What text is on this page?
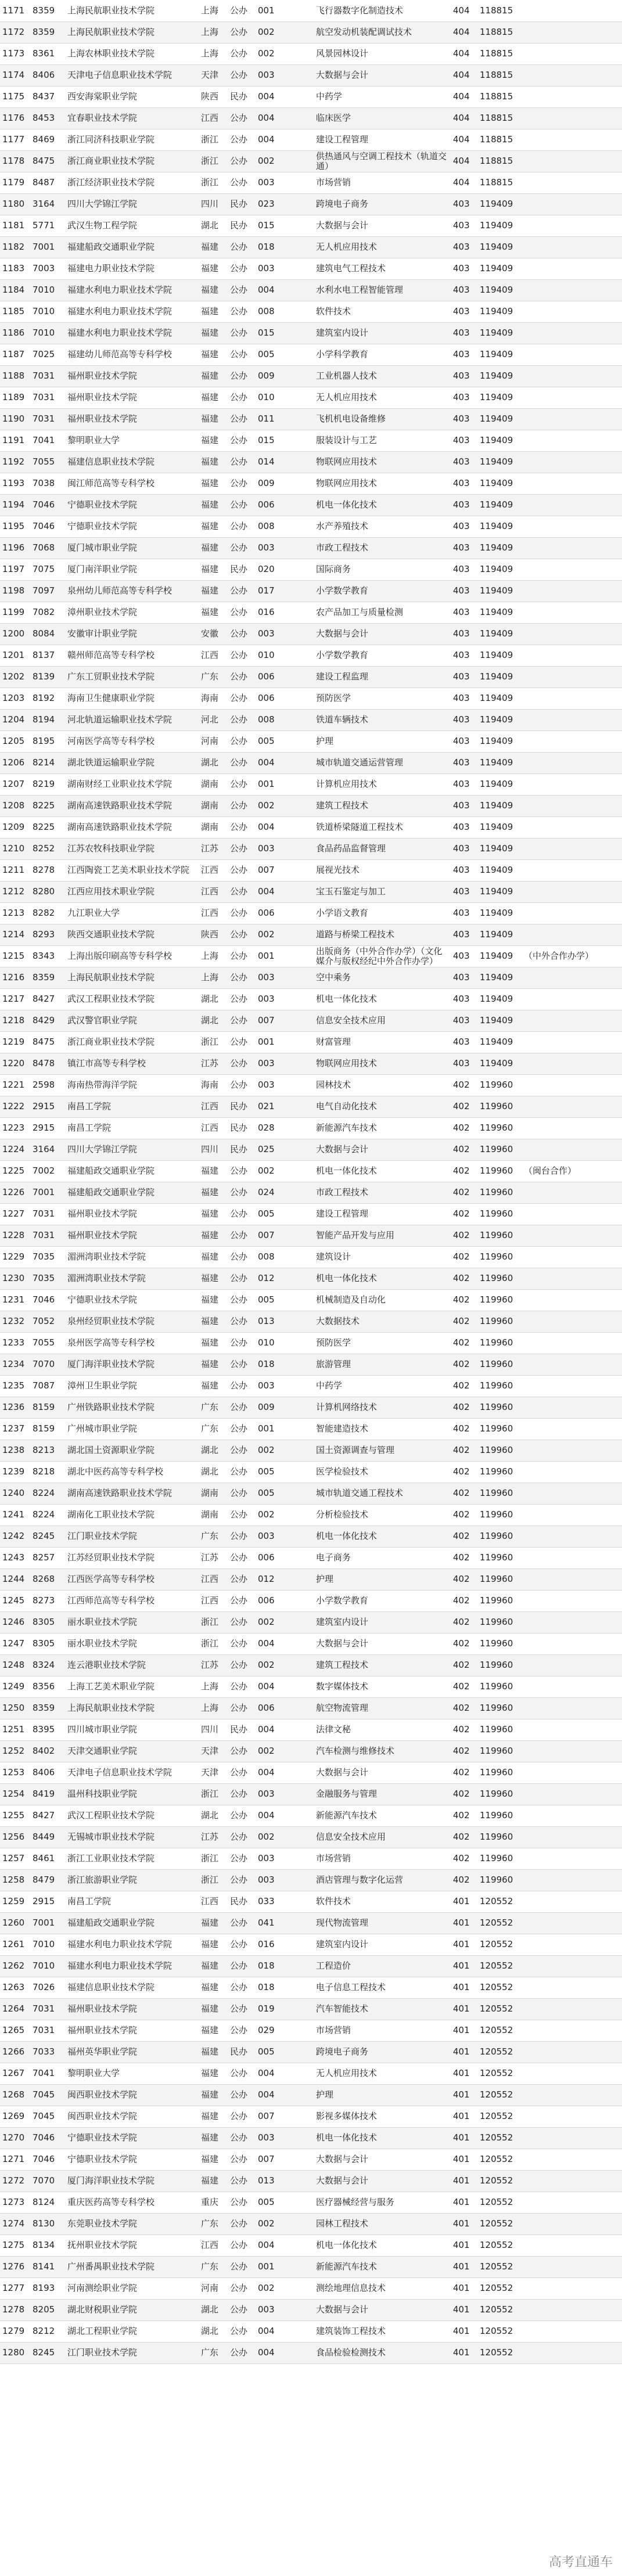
1171	8359	上海民航职业技术学院	上海	公办	001	飞行器数字化制造技术	404	118815	
1172	8359	上海民航职业技术学院	上海	公办	002	航空发动机装配调试技术	404	118815	
1173	8361	上海农林职业技术学院	上海	公办	002	风景园林设计	404	118815	
1174	8406	天津电子信息职业技术学院	天津	公办	003	大数据与会计	404	118815	
1175	8437	西安海棠职业学院	陕西	民办	004	中药学	404	118815	
1176	8453	宜春职业技术学院	江西	公办	004	临床医学	404	118815	
1177	8469	浙江同济科技职业学院	浙江	公办	004	建设工程管理	404	118815	
1178	8475	浙江商业职业技术学院	浙江	公办	002	供热通风与空调工程技术（轨道交通）	404	118815	
1179	8487	浙江经济职业技术学院	浙江	公办	003	市场营销	404	118815	
1180	3164	四川大学锦江学院	四川	民办	023	跨境电子商务	403	119409	
1181	5771	武汉生物工程学院	湖北	民办	015	大数据与会计	403	119409	
1182	7001	福建船政交通职业学院	福建	公办	018	无人机应用技术	403	119409	
1183	7003	福建电力职业技术学院	福建	公办	003	建筑电气工程技术	403	119409	
1184	7010	福建水利电力职业技术学院	福建	公办	004	水利水电工程智能管理	403	119409	
1185	7010	福建水利电力职业技术学院	福建	公办	008	软件技术	403	119409	
1186	7010	福建水利电力职业技术学院	福建	公办	015	建筑室内设计	403	119409	
1187	7025	福建幼儿师范高等专科学校	福建	公办	005	小学科学教育	403	119409	
1188	7031	福州职业技术学院	福建	公办	009	工业机器人技术	403	119409	
1189	7031	福州职业技术学院	福建	公办	010	无人机应用技术	403	119409	
1190	7031	福州职业技术学院	福建	公办	011	飞机机电设备维修	403	119409	
1191	7041	黎明职业大学	福建	公办	015	服装设计与工艺	403	119409	
1192	7055	福建信息职业技术学院	福建	公办	014	物联网应用技术	403	119409	
1193	7038	闽江师范高等专科学校	福建	公办	009	物联网应用技术	403	119409	
1194	7046	宁德职业技术学院	福建	公办	006	机电一体化技术	403	119409	
1195	7046	宁德职业技术学院	福建	公办	008	水产养殖技术	403	119409	
1196	7068	厦门城市职业学院	福建	公办	003	市政工程技术	403	119409	
1197	7075	厦门南洋职业学院	福建	民办	020	国际商务	403	119409	
1198	7097	泉州幼儿师范高等专科学校	福建	公办	017	小学数学教育	403	119409	
1199	7082	漳州职业技术学院	福建	公办	016	农产品加工与质量检测	403	119409	
1200	8084	安徽审计职业学院	安徽	公办	003	大数据与会计	403	119409	
1201	8137	赣州师范高等专科学校	江西	公办	010	小学数学教育	403	119409	
1202	8139	广东工贸职业技术学院	广东	公办	006	建设工程监理	403	119409	
1203	8192	海南卫生健康职业学院	海南	公办	006	预防医学	403	119409	
1204	8194	河北轨道运输职业技术学院	河北	公办	008	铁道车辆技术	403	119409	
1205	8195	河南医学高等专科学校	河南	公办	005	护理	403	119409	
1206	8214	湖北铁道运输职业学院	湖北	公办	004	城市轨道交通运营管理	403	119409	
1207	8219	湖南财经工业职业技术学院	湖南	公办	001	计算机应用技术	403	119409	
1208	8225	湖南高速铁路职业技术学院	湖南	公办	002	建筑工程技术	403	119409	
1209	8225	湖南高速铁路职业技术学院	湖南	公办	004	铁道桥梁隧道工程技术	403	119409	
1210	8252	江苏农牧科技职业学院	江苏	公办	003	食品药品监督管理	403	119409	
1211	8278	江西陶瓷工艺美术职业技术学院	江西	公办	007	展视光技术	403	119409	
1212	8280	江西应用技术职业学院	江西	公办	004	宝玉石鉴定与加工	403	119409	
1213	8282	九江职业大学	江西	公办	006	小学语文教育	403	119409	
1214	8293	陕西交通职业技术学院	陕西	公办	002	道路与桥梁工程技术	403	119409	
1215	8343	上海出版印刷高等专科学校	上海	公办	001	出版商务（中外合作办学）（文化媒介与版权经纪中外合作办学）	403	119409	（中外合作办学）
1216	8359	上海民航职业技术学院	上海	公办	003	空中乘务	403	119409	
1217	8427	武汉工程职业技术学院	湖北	公办	003	机电一体化技术	403	119409	
1218	8429	武汉警官职业学院	湖北	公办	007	信息安全技术应用	403	119409	
1219	8475	浙江商业职业技术学院	浙江	公办	001	财富管理	403	119409	
1220	8478	镇江市高等专科学校	江苏	公办	003	物联网应用技术	403	119409	
1221	2598	海南热带海洋学院	海南	公办	003	园林技术	402	119960	
1222	2915	南昌工学院	江西	民办	021	电气自动化技术	402	119960	
1223	2915	南昌工学院	江西	民办	028	新能源汽车技术	402	119960	
1224	3164	四川大学锦江学院	四川	民办	025	大数据与会计	402	119960	
1225	7002	福建船政交通职业学院	福建	公办	002	机电一体化技术	402	119960	（闽台合作）
1226	7001	福建船政交通职业学院	福建	公办	024	市政工程技术	402	119960	
1227	7031	福州职业技术学院	福建	公办	005	建设工程管理	402	119960	
1228	7031	福州职业技术学院	福建	公办	007	智能产品开发与应用	402	119960	
1229	7035	湄洲湾职业技术学院	福建	公办	008	建筑设计	402	119960	
1230	7035	湄洲湾职业技术学院	福建	公办	012	机电一体化技术	402	119960	
1231	7046	宁德职业技术学院	福建	公办	005	机械制造及自动化	402	119960	
1232	7052	泉州经贸职业技术学院	福建	公办	013	大数据技术	402	119960	
1233	7055	泉州医学高等专科学校	福建	公办	010	预防医学	402	119960	
1234	7070	厦门海洋职业技术学院	福建	公办	018	旅游管理	402	119960	
1235	7087	漳州卫生职业学院	福建	公办	003	中药学	402	119960	
1236	8159	广州铁路职业技术学院	广东	公办	009	计算机网络技术	402	119960	
1237	8159	广州城市职业学院	广东	公办	001	智能建造技术	402	119960	
1238	8213	湖北国土资源职业学院	湖北	公办	002	国土资源调查与管理	402	119960	
1239	8218	湖北中医药高等专科学校	湖北	公办	005	医学检验技术	402	119960	
1240	8224	湖南高速铁路职业技术学院	湖南	公办	005	城市轨道交通工程技术	402	119960	
1241	8224	湖南化工职业技术学院	湖南	公办	002	分析检验技术	402	119960	
1242	8245	江门职业技术学院	广东	公办	003	机电一体化技术	402	119960	
1243	8257	江苏经贸职业技术学院	江苏	公办	006	电子商务	402	119960	
1244	8268	江西医学高等专科学校	江西	公办	012	护理	402	119960	
1245	8273	江西师范高等专科学校	江西	公办	006	小学数学教育	402	119960	
1246	8305	丽水职业技术学院	浙江	公办	002	建筑室内设计	402	119960	
1247	8305	丽水职业技术学院	浙江	公办	004	大数据与会计	402	119960	
1248	8324	连云港职业技术学院	江苏	公办	002	建筑工程技术	402	119960	
1249	8356	上海工艺美术职业学院	上海	公办	004	数字媒体技术	402	119960	
1250	8359	上海民航职业技术学院	上海	公办	006	航空物流管理	402	119960	
1251	8395	四川城市职业学院	四川	民办	004	法律文秘	402	119960	
1252	8402	天津交通职业学院	天津	公办	002	汽车检测与维修技术	402	119960	
1253	8406	天津电子信息职业技术学院	天津	公办	004	大数据与会计	402	119960	
1254	8419	温州科技职业学院	浙江	公办	003	金融服务与管理	402	119960	
1255	8427	武汉工程职业技术学院	湖北	公办	004	新能源汽车技术	402	119960	
1256	8449	无锡城市职业技术学院	江苏	公办	002	信息安全技术应用	402	119960	
1257	8461	浙江工业职业技术学院	浙江	公办	003	市场营销	402	119960	
1258	8479	浙江旅游职业学院	浙江	公办	003	酒店管理与数字化运营	402	119960	
1259	2915	南昌工学院	江西	民办	033	软件技术	401	120552	
1260	7001	福建船政交通职业学院	福建	公办	041	现代物流管理	401	120552	
1261	7010	福建水利电力职业技术学院	福建	公办	016	建筑室内设计	401	120552	
1262	7010	福建水利电力职业技术学院	福建	公办	018	工程造价	401	120552	
1263	7026	福建信息职业技术学院	福建	公办	018	电子信息工程技术	401	120552	
1264	7031	福州职业技术学院	福建	公办	019	汽车智能技术	401	120552	
1265	7031	福州职业技术学院	福建	公办	029	市场营销	401	120552	
1266	7033	福州英华职业学院	福建	民办	005	跨境电子商务	401	120552	
1267	7041	黎明职业大学	福建	公办	004	无人机应用技术	401	120552	
1268	7045	闽西职业技术学院	福建	公办	004	护理	401	120552	
1269	7045	闽西职业技术学院	福建	公办	007	影视多媒体技术	401	120552	
1270	7046	宁德职业技术学院	福建	公办	003	机电一体化技术	401	120552	
1271	7046	宁德职业技术学院	福建	公办	007	大数据与会计	401	120552	
1272	7070	厦门海洋职业技术学院	福建	公办	013	大数据与会计	401	120552	
1273	8124	重庆医药高等专科学校	重庆	公办	005	医疗器械经营与服务	401	120552	
1274	8130	东莞职业技术学院	广东	公办	002	园林工程技术	401	120552	
1275	8134	抚州职业技术学院	江西	公办	004	机电一体化技术	401	120552	
1276	8141	广州番禺职业技术学院	广东	公办	001	新能源汽车技术	401	120552	
1277	8193	河南测绘职业学院	河南	公办	002	测绘地理信息技术	401	120552	
1278	8205	湖北财税职业学院	湖北	公办	003	大数据与会计	401	120552	
1279	8212	湖北工程职业学院	湖北	公办	004	建筑装饰工程技术	401	120552	
1280	8245	江门职业技术学院	广东	公办	004	食品检验检测技术	401	120552	
高考直通车
